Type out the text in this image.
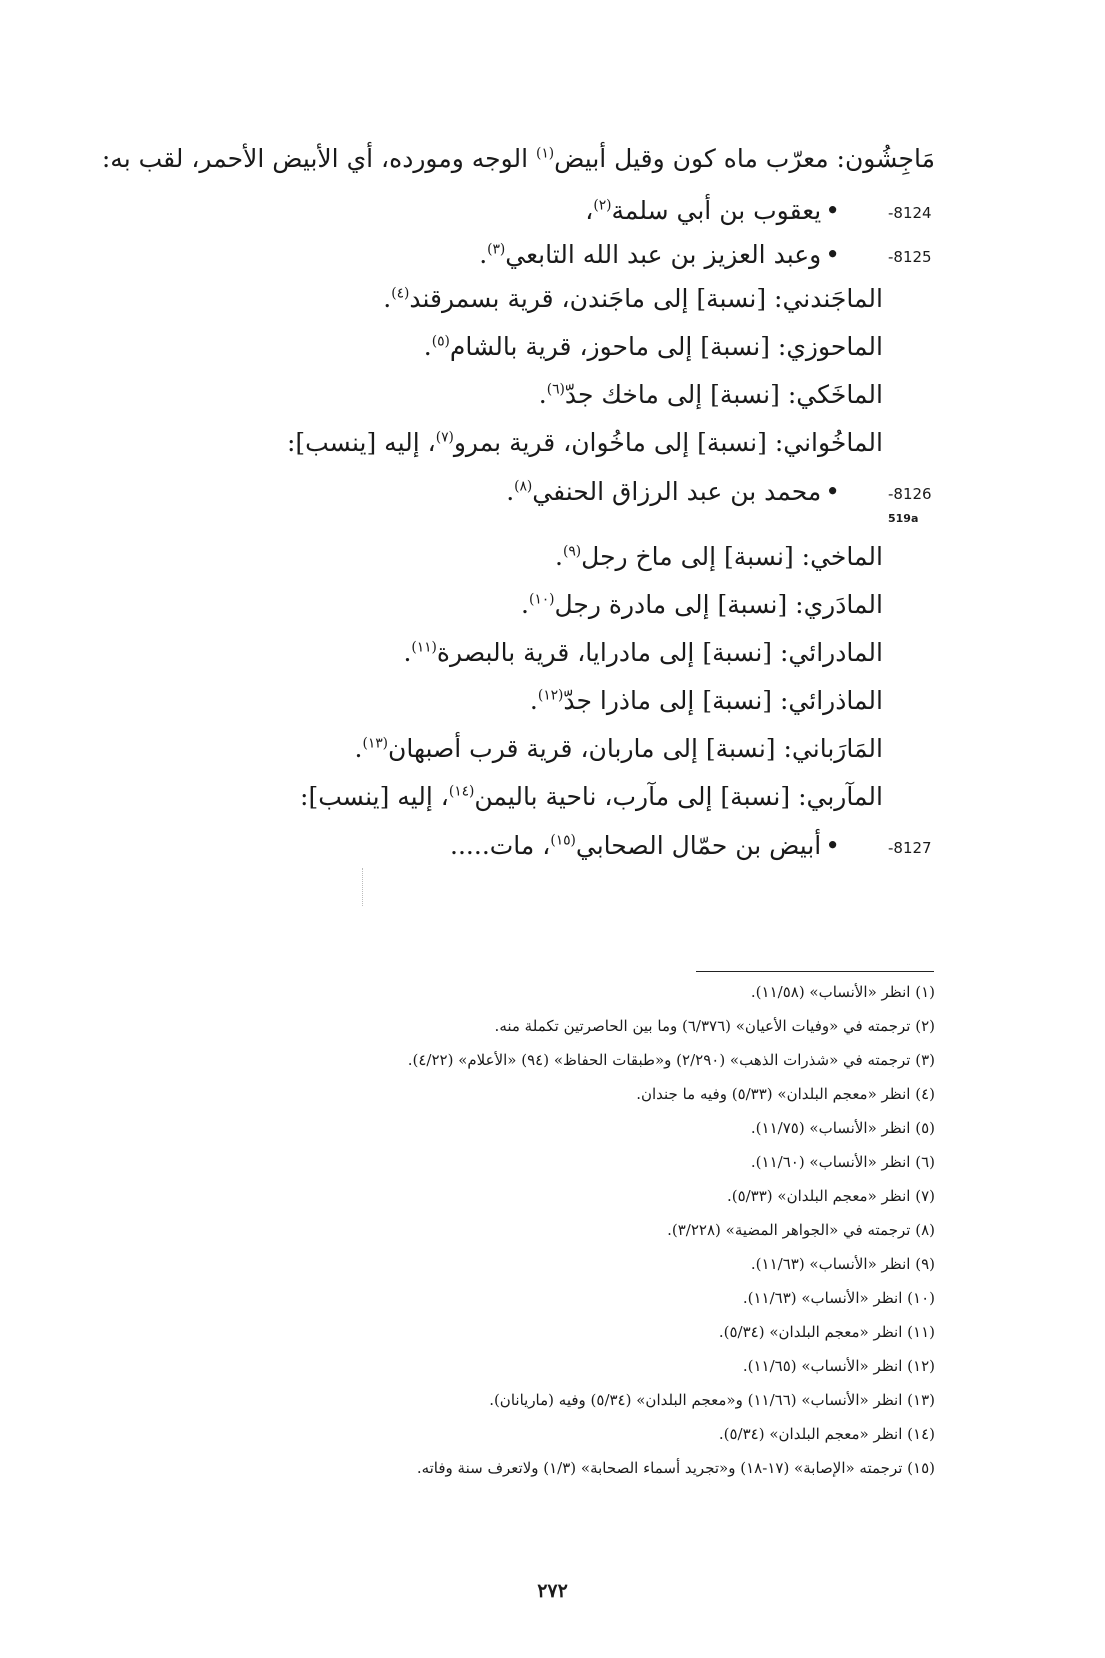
مَاجِشُون: معرّب ماه كون وقيل أبيض$^{(١)}$ الوجه ومورده، أي الأبيض الأحمر، لقب به:
-8124
•يعقوب بن أبي سلمة$^{(٢)}$،
-8125
•وعبد العزيز بن عبد الله التابعي$^{(٣)}$.
الماجَندني: [نسبة] إلى ماجَندن، قرية بسمرقند$^{(٤)}$.
الماحوزي: [نسبة] إلى ماحوز، قرية بالشام$^{(٥)}$.
الماخَكي: [نسبة] إلى ماخك جدّ$^{(٦)}$.
الماخُواني: [نسبة] إلى ماخُوان، قرية بمرو$^{(٧)}$، إليه [ينسب]:
-8126
•محمد بن عبد الرزاق الحنفي$^{(٨)}$.
519a
الماخي: [نسبة] إلى ماخ رجل$^{(٩)}$.
المادَري: [نسبة] إلى مادرة رجل$^{(١٠)}$.
المادرائي: [نسبة] إلى مادرايا، قرية بالبصرة$^{(١١)}$.
الماذرائي: [نسبة] إلى ماذرا جدّ$^{(١٢)}$.
المَارَباني: [نسبة] إلى ماربان، قرية قرب أصبهان$^{(١٣)}$.
المآربي: [نسبة] إلى مآرب، ناحية باليمن$^{(١٤)}$، إليه [ينسب]:
-8127
•أبيض بن حمّال الصحابي$^{(١٥)}$، مات.....
(١) انظر «الأنساب» (١١/٥٨).
(٢) ترجمته في «وفيات الأعيان» (٦/٣٧٦) وما بين الحاصرتين تكملة منه.
(٣) ترجمته في «شذرات الذهب» (٢/٢٩٠) و«طبقات الحفاظ» (٩٤) «الأعلام» (٤/٢٢).
(٤) انظر «معجم البلدان» (٥/٣٣) وفيه ما جندان.
(٥) انظر «الأنساب» (١١/٧٥).
(٦) انظر «الأنساب» (١١/٦٠).
(٧) انظر «معجم البلدان» (٥/٣٣).
(٨) ترجمته في «الجواهر المضية» (٣/٢٢٨).
(٩) انظر «الأنساب» (١١/٦٣).
(١٠) انظر «الأنساب» (١١/٦٣).
(١١) انظر «معجم البلدان» (٥/٣٤).
(١٢) انظر «الأنساب» (١١/٦٥).
(١٣) انظر «الأنساب» (١١/٦٦) و«معجم البلدان» (٥/٣٤) وفيه (ماريانان).
(١٤) انظر «معجم البلدان» (٥/٣٤).
(١٥) ترجمته «الإصابة» (١٧-١٨) و«تجريد أسماء الصحابة» (١/٣) ولاتعرف سنة وفاته.
٢٧٢
